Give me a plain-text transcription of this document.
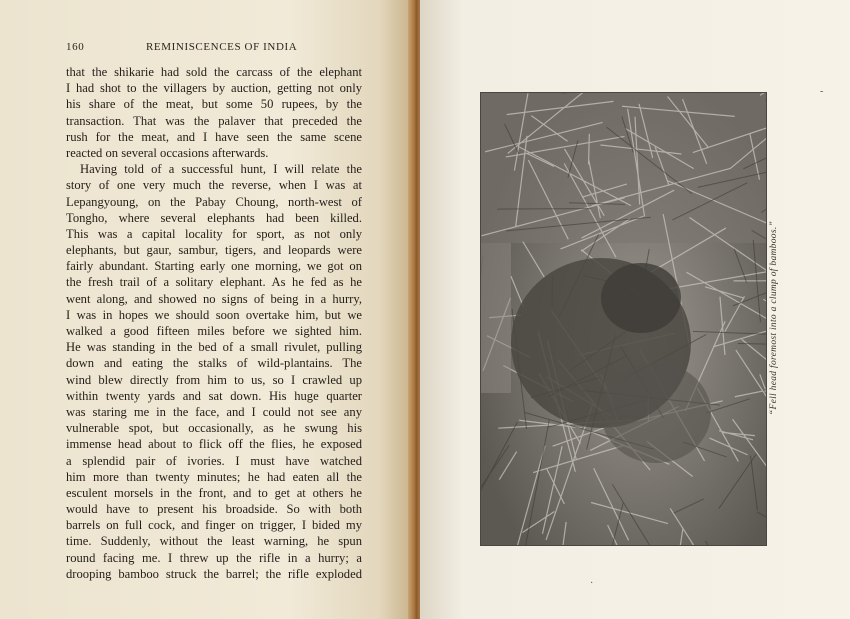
160	REMINISCENCES OF INDIA
that the shikarie had sold the carcass of the elephant
I had shot to the villagers by auction, getting not only
his share of the meat, but some 50 rupees, by the
transaction. That was the palaver that preceded the
rush for the meat, and I have seen the same scene
reacted on several occasions afterwards.
Having told of a successful hunt, I will relate the
story of one very much the reverse, when I was at
Lepangyoung, on the Pabay Choung, north-west of
Tongho, where several elephants had been killed.
This was a capital locality for sport, as not only
elephants, but gaur, sambur, tigers, and leopards were
fairly abundant. Starting early one morning, we got on
the fresh trail of a solitary elephant. As he fed as he
went along, and showed no signs of being in a hurry,
I was in hopes we should soon overtake him, but we
walked a good fifteen miles before we sighted him.
He was standing in the bed of a small rivulet, pulling
down and eating the stalks of wild-plantains. The
wind blew directly from him to us, so I crawled up
within twenty yards and sat down. His huge quarter
was staring me in the face, and I could not see any
vulnerable spot, but occasionally, as he swung his
immense head about to flick off the flies, he exposed
a splendid pair of ivories. I must have watched
him more than twenty minutes; he had eaten all the
esculent morsels in the front, and to get at others he
would have to present his broadside. So with both
barrels on full cock, and finger on trigger, I bided my
time. Suddenly, without the least warning, he spun
round facing me. I threw up the rifle in a hurry; a
drooping bamboo struck the barrel; the rifle exploded
“Fell head foremost into a clump of bamboos.”
-
·
